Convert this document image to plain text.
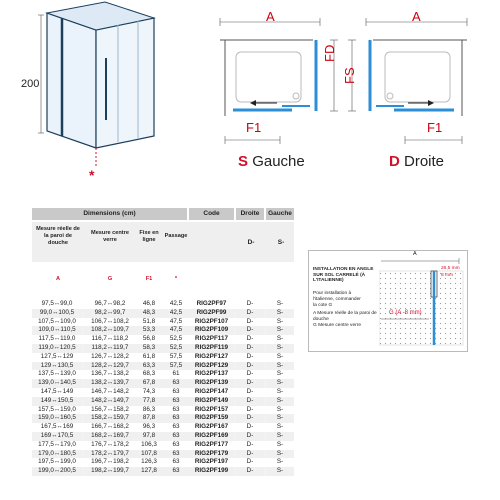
200
*
A
FD
F1
A
FS
F1
S Gauche	D Droite
Dimensions (cm)	Code	Droite	Gauche
Mesure réelle de la paroi de douche
Mesure centre verre
Fixe en ligne
Passage
D-	S-
A	G	F1	*
97,5↔99,0	96,7↔98,2	46,8	42,5	RIG2PF97	D-	S-
99,0↔100,5	98,2↔99,7	48,3	42,5	RIG2PF99	D-	S-
107,5↔109,0	106,7↔108,2	51,8	47,5	RIG2PF107	D-	S-
109,0↔110,5	108,2↔109,7	53,3	47,5	RIG2PF109	D-	S-
117,5↔119,0	116,7↔118,2	56,8	52,5	RIG2PF117	D-	S-
119,0↔120,5	118,2↔119,7	58,3	52,5	RIG2PF119	D-	S-
127,5↔129	126,7↔128,2	61,8	57,5	RIG2PF127	D-	S-
129↔130,5	128,2↔129,7	63,3	57,5	RIG2PF129	D-	S-
137,5↔139,0	136,7↔138,2	68,3	61	RIG2PF137	D-	S-
139,0↔140,5	138,2↔139,7	67,8	63	RIG2PF139	D-	S-
147,5↔149	146,7↔148,2	74,3	63	RIG2PF147	D-	S-
149↔150,5	148,2↔149,7	77,8	63	RIG2PF149	D-	S-
157,5↔159,0	156,7↔158,2	86,3	63	RIG2PF157	D-	S-
159,0↔160,5	158,2↔159,7	87,8	63	RIG2PF159	D-	S-
167,5↔169	166,7↔168,2	96,3	63	RIG2PF167	D-	S-
169↔170,5	168,2↔169,7	97,8	63	RIG2PF169	D-	S-
177,5↔179,0	176,7↔178,2	106,3	63	RIG2PF177	D-	S-
179,0↔180,5	178,2↔179,7	107,8	63	RIG2PF179	D-	S-
197,5↔199,0	196,7↔198,2	126,3	63	RIG2PF197	D-	S-
199,0↔200,5	198,2↔199,7	127,8	63	RIG2PF199	D-	S-
INSTALLATION EN ANGLE SUR SOL CARRELÉ (À L'ITALIENNE)
Pour installation à
l'italienne, commander
la cote G
A Mesure réelle de la paroi de douche
G Mesure centre verre
A
26,5 mm
8 mm
G (A -8 mm)
